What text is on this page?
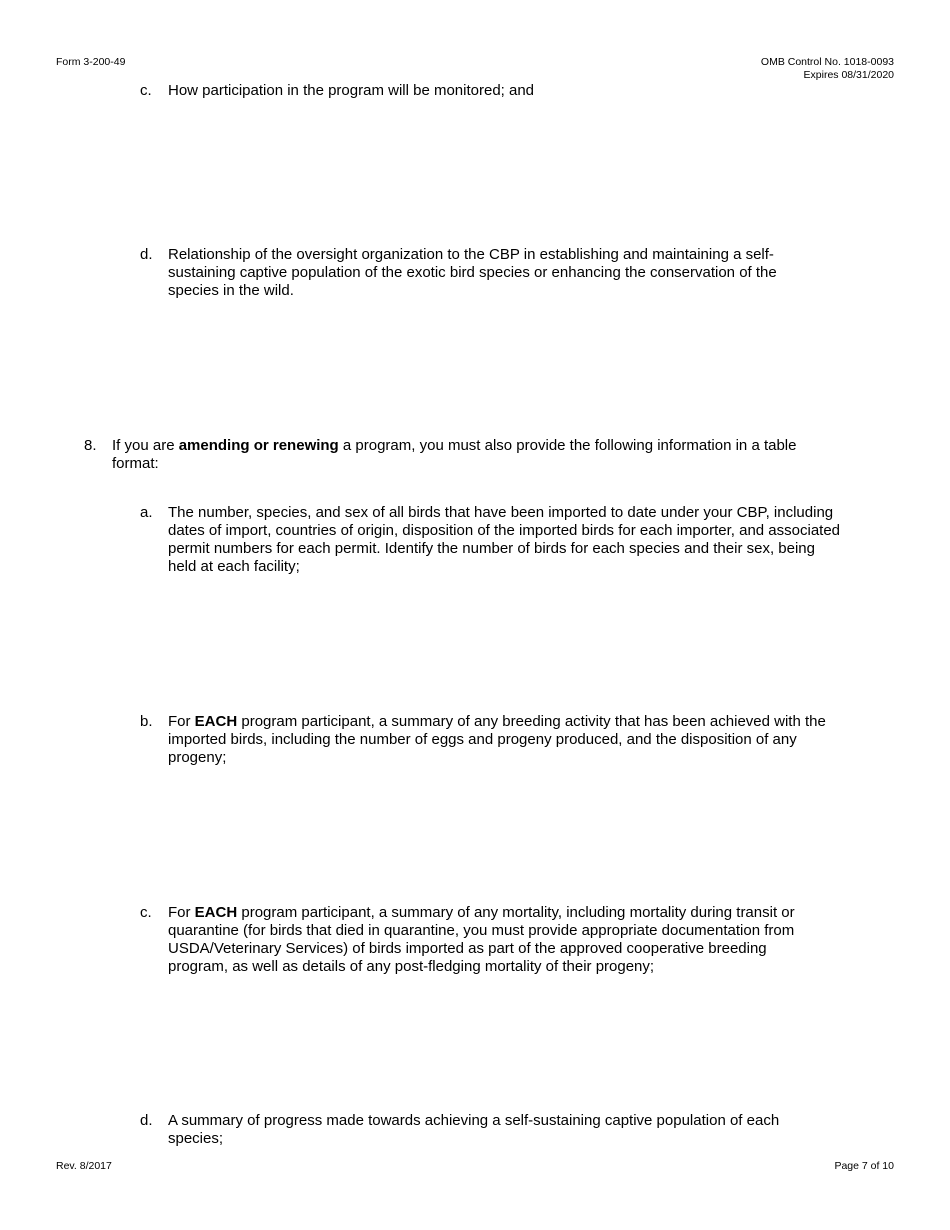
Form 3-200-49	OMB Control No. 1018-0093
Expires 08/31/2020
c. How participation in the program will be monitored; and
d. Relationship of the oversight organization to the CBP in establishing and maintaining a self-sustaining captive population of the exotic bird species or enhancing the conservation of the species in the wild.
8. If you are amending or renewing a program, you must also provide the following information in a table format:
a. The number, species, and sex of all birds that have been imported to date under your CBP, including dates of import, countries of origin, disposition of the imported birds for each importer, and associated permit numbers for each permit. Identify the number of birds for each species and their sex, being held at each facility;
b. For EACH program participant, a summary of any breeding activity that has been achieved with the imported birds, including the number of eggs and progeny produced, and the disposition of any progeny;
c. For EACH program participant, a summary of any mortality, including mortality during transit or quarantine (for birds that died in quarantine, you must provide appropriate documentation from USDA/Veterinary Services) of birds imported as part of the approved cooperative breeding program, as well as details of any post-fledging mortality of their progeny;
d. A summary of progress made towards achieving a self-sustaining captive population of each species;
Rev. 8/2017	Page 7 of 10
